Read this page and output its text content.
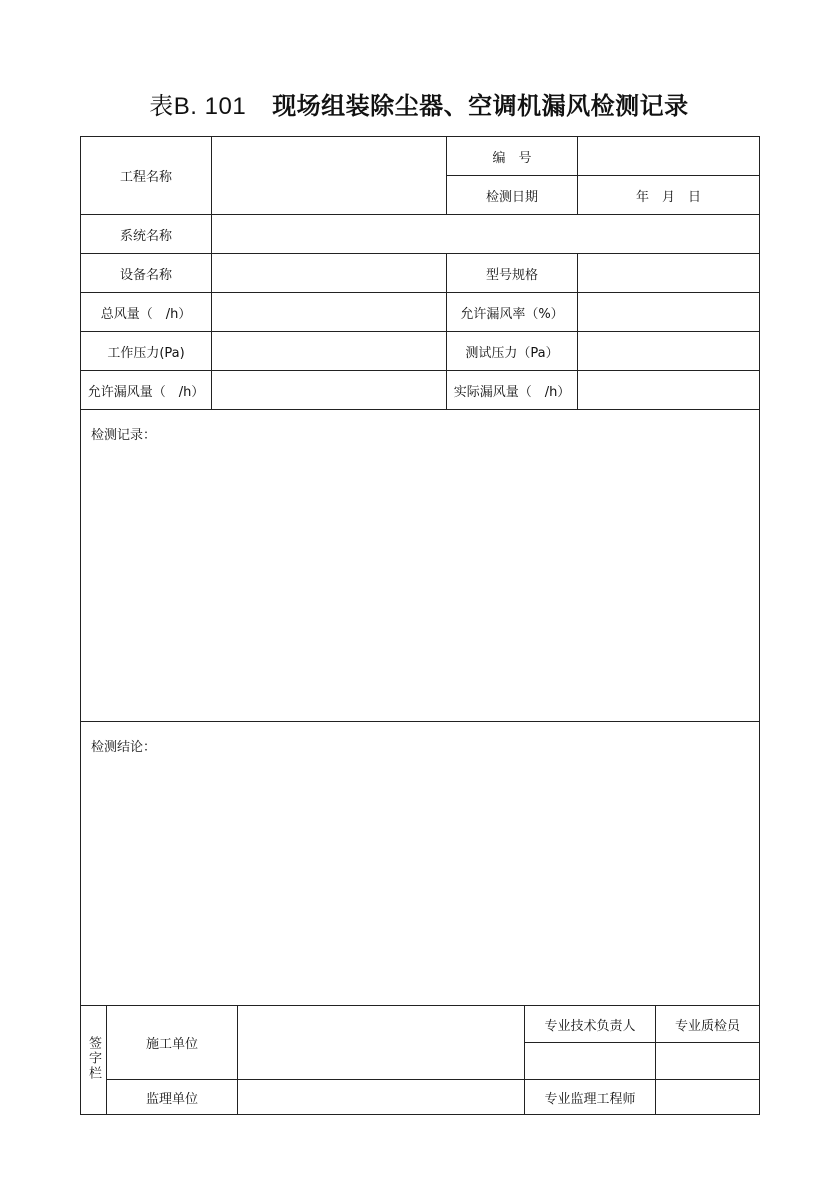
表B. 101 现场组装除尘器、空调机漏风检测记录
工程名称		编　号	
		检测日期	年　月　日
系统名称			
设备名称		型号规格	
总风量（　/h）		允许漏风率（%）	
工作压力(Pa)		测试压力（Pa）	
允许漏风量（　/h）		实际漏风量（　/h）	
检测记录：			
检测结论：			
签字栏	施工单位		专业技术负责人	专业质检员

	监理单位		专业监理工程师	
